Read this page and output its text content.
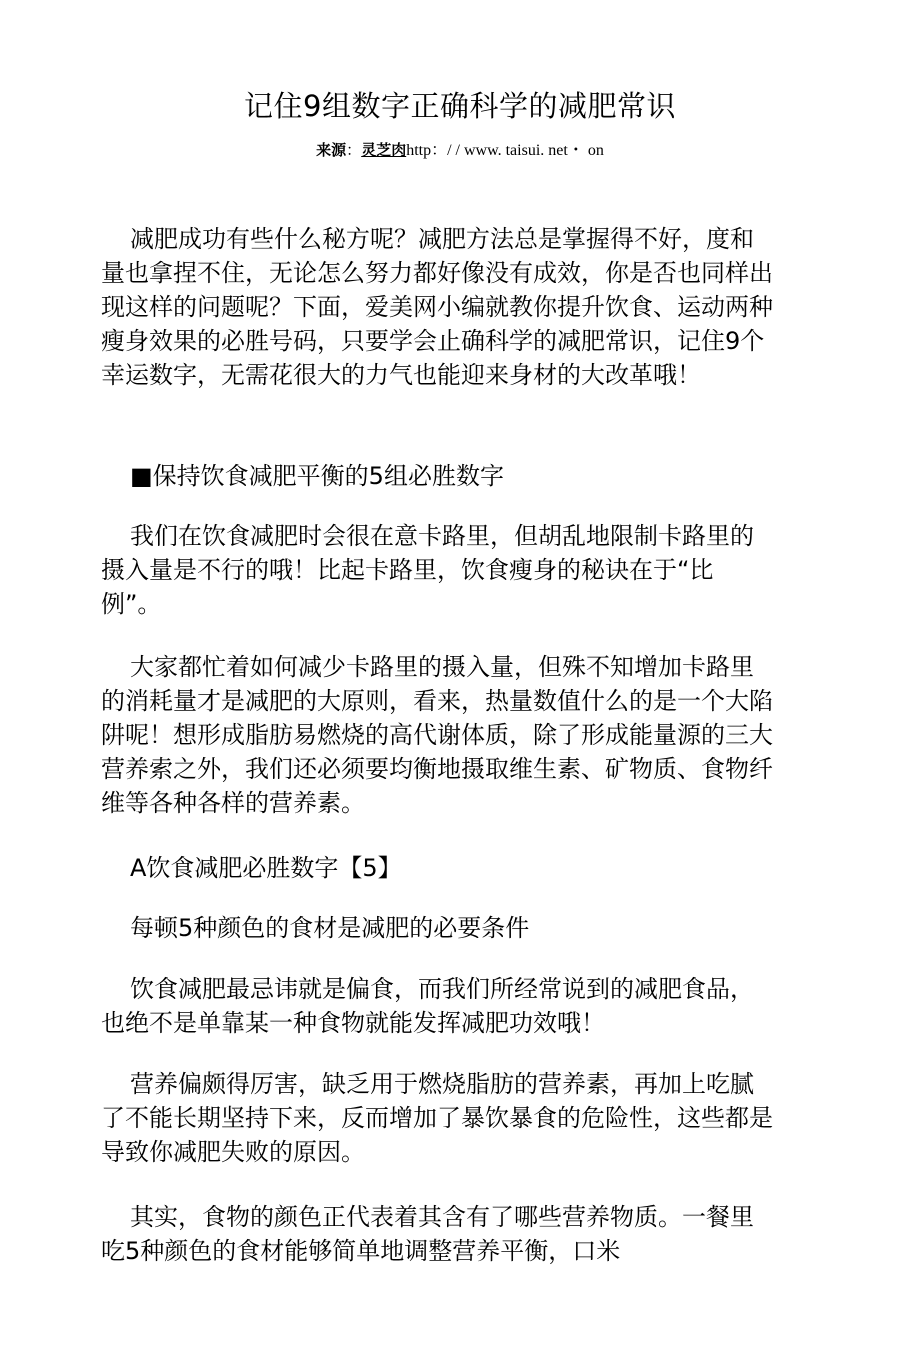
记住9组数字正确科学的减肥常识
来源：灵芝肉http：/ / www. taisui. net・ on

减肥成功有些什么秘方呢？减肥方法总是掌握得不好，度和量也拿捏不住，无论怎么努力都好像没有成效，你是否也同样出现这样的问题呢？下面，爱美网小编就教你提升饮食、运动两种瘦身效果的必胜号码，只要学会止确科学的减肥常识，记住9个幸运数字，无需花很大的力气也能迎来身材的大改革哦！

■保持饮食减肥平衡的5组必胜数字

我们在饮食减肥时会很在意卡路里，但胡乱地限制卡路里的摄入量是不行的哦！比起卡路里，饮食瘦身的秘诀在于“比例”。

大家都忙着如何减少卡路里的摄入量，但殊不知增加卡路里的消耗量才是减肥的大原则，看来，热量数值什么的是一个大陷阱呢！想形成脂肪易燃烧的高代谢体质，除了形成能量源的三大营养索之外，我们还必须要均衡地摄取维生素、矿物质、食物纤维等各种各样的营养素。

A饮食减肥必胜数字【5】

每顿5种颜色的食材是减肥的必要条件

饮食减肥最忌讳就是偏食，而我们所经常说到的减肥食品，也绝不是单靠某一种食物就能发挥减肥功效哦！

营养偏颇得厉害，缺乏用于燃烧脂肪的营养素，再加上吃腻了不能长期坚持下来，反而增加了暴饮暴食的危险性，这些都是导致你减肥失败的原因。

其实，食物的颜色正代表着其含有了哪些营养物质。一餐里吃5种颜色的食材能够简单地调整营养平衡，口米
